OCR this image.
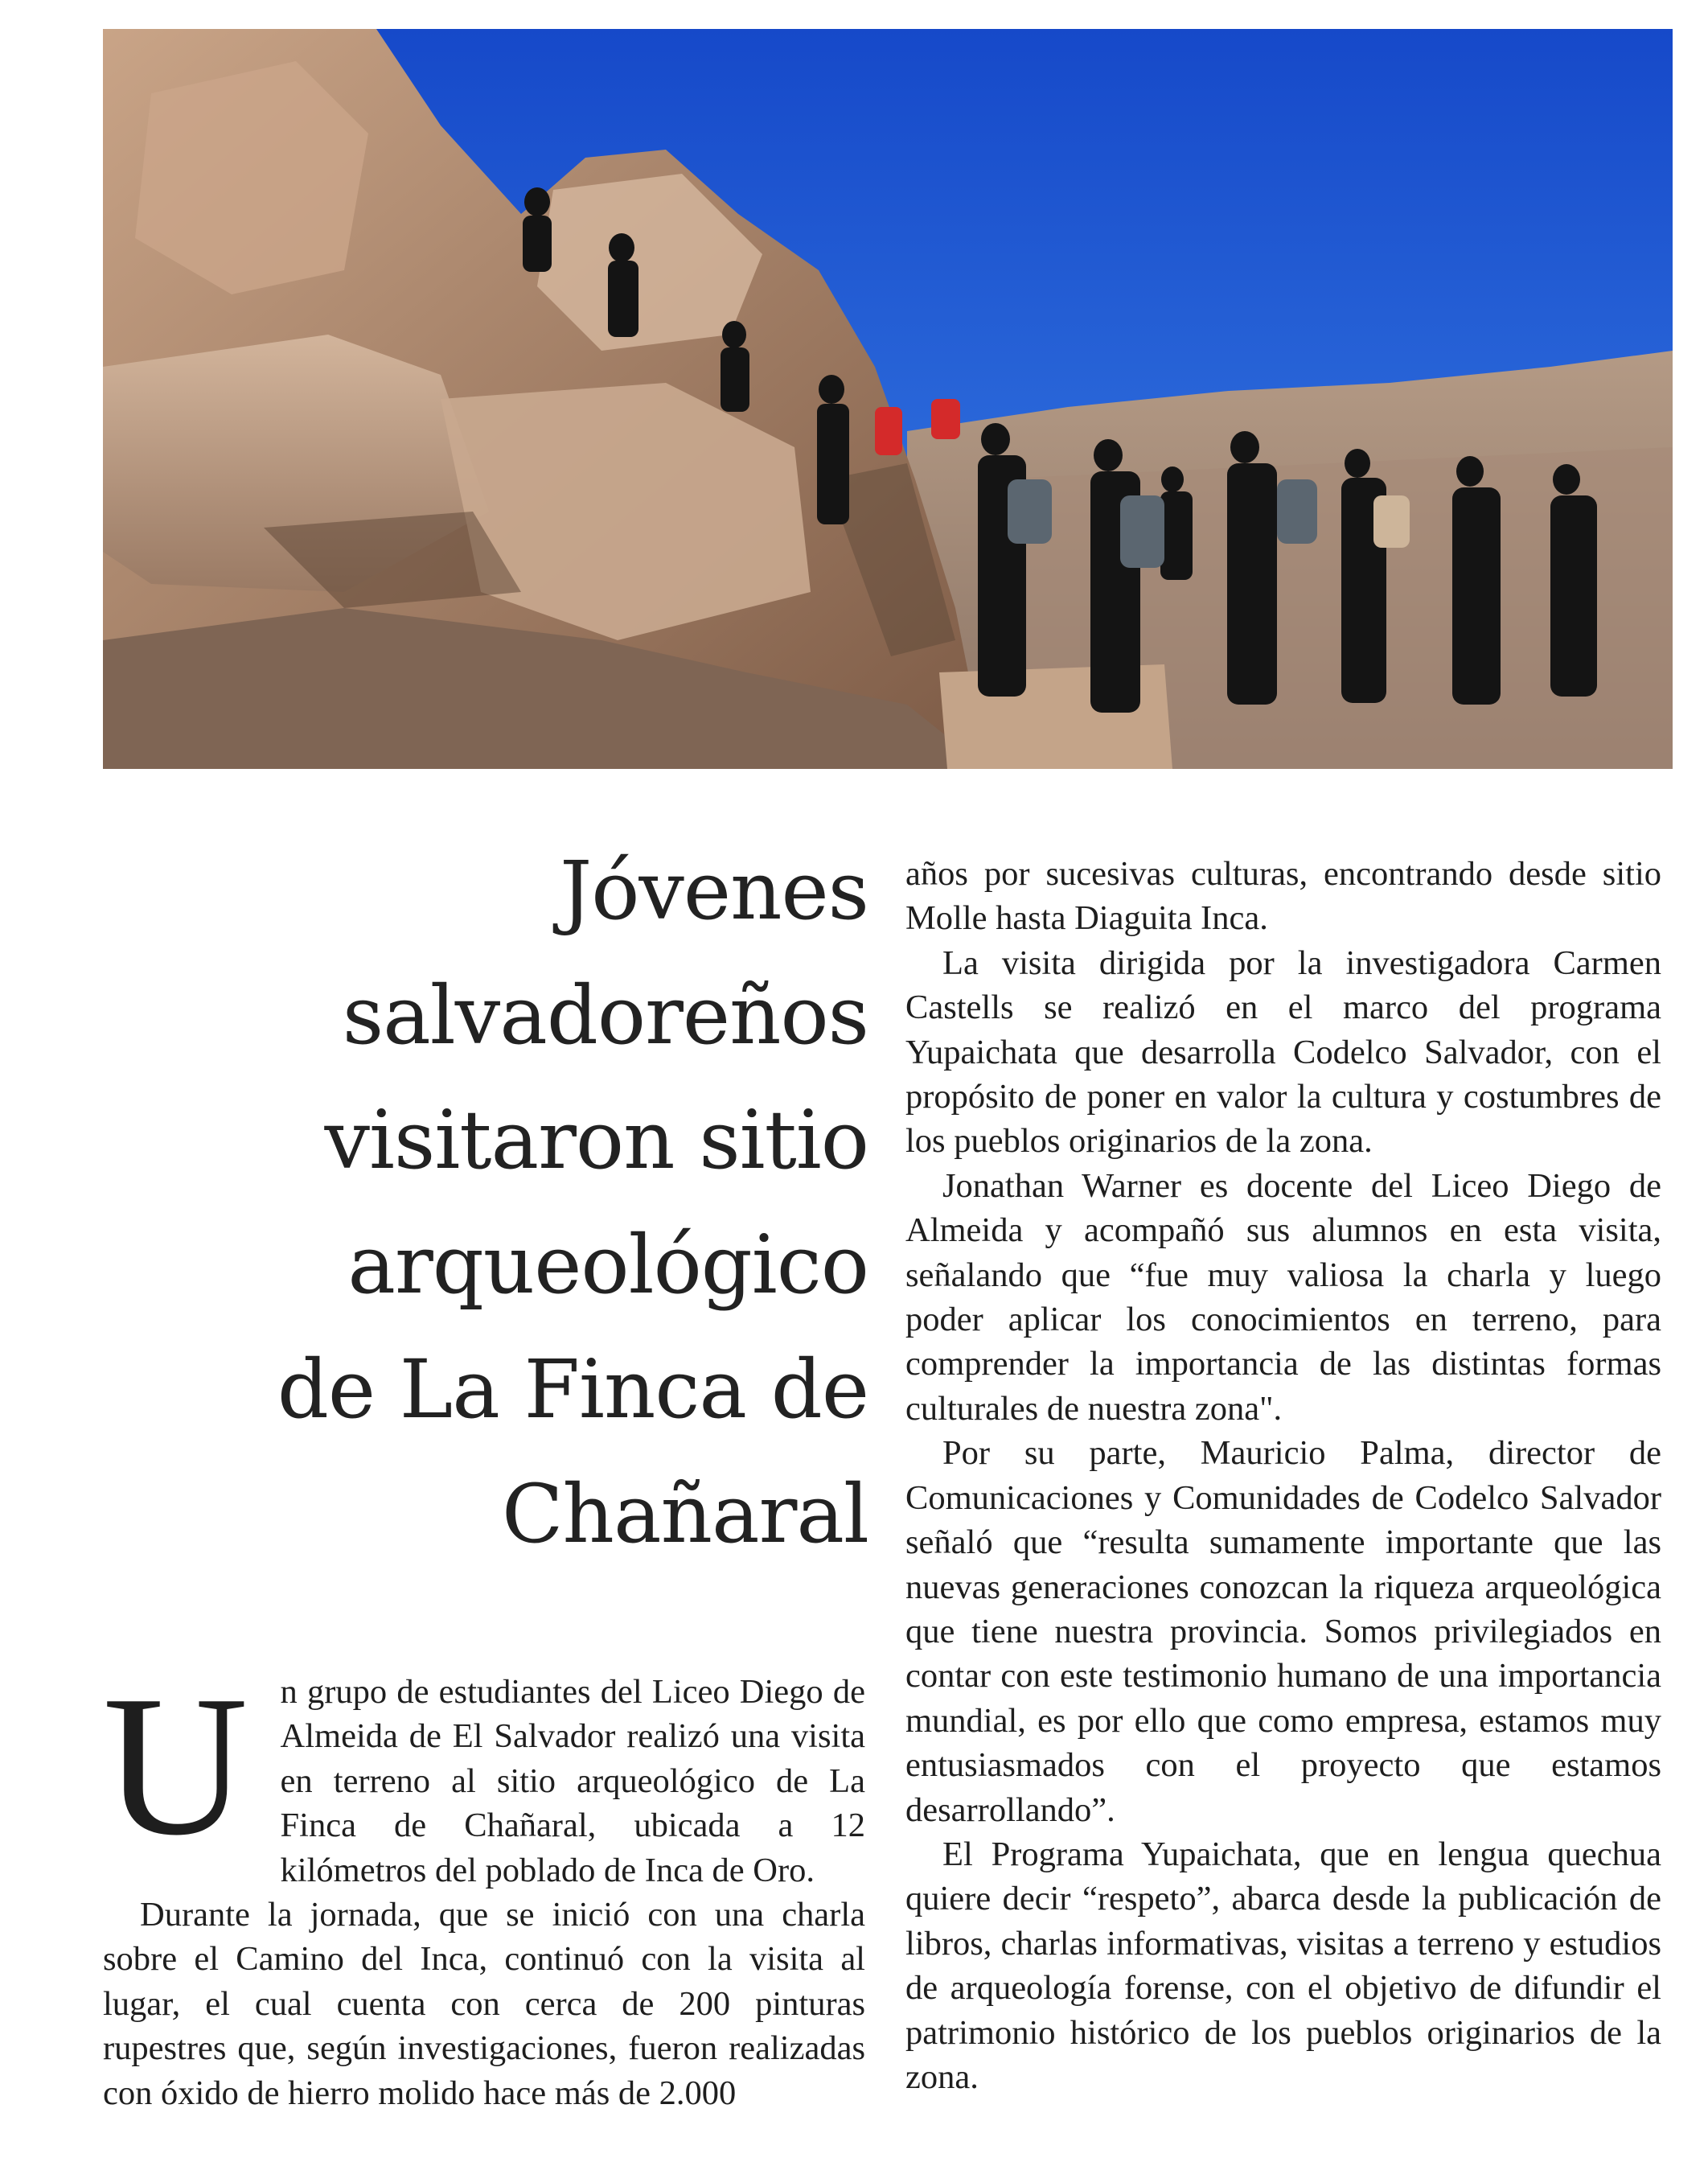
Jóvenes
salvadoreños
visitaron sitio
arqueológico
de La Finca de
Chañaral

Un grupo de estudiantes del Liceo Diego de Almeida de El Salvador realizó una visita en terreno al sitio arqueológico de La Finca de Chañaral, ubicada a 12 kilómetros del poblado de Inca de Oro.

Durante la jornada, que se inició con una charla sobre el Camino del Inca, continuó con la visita al lugar, el cual cuenta con cerca de 200 pinturas rupestres que, según investigaciones, fueron realizadas con óxido de hierro molido hace más de 2.000

años por sucesivas culturas, encontrando desde sitio Molle hasta Diaguita Inca.

La visita dirigida por la investigadora Carmen Castells se realizó en el marco del programa Yupaichata que desarrolla Codelco Salvador, con el propósito de poner en valor la cultura y costumbres de los pueblos originarios de la zona.

Jonathan Warner es docente del Liceo Diego de Almeida y acompañó sus alumnos en esta visita, señalando que “fue muy valiosa la charla y luego poder aplicar los conocimientos en terreno, para comprender la importancia de las distintas formas culturales de nuestra zona".

Por su parte, Mauricio Palma, director de Comunicaciones y Comunidades de Codelco Salvador señaló que “resulta sumamente importante que las nuevas generaciones conozcan la riqueza arqueológica que tiene nuestra provincia. Somos privilegiados en contar con este testimonio humano de una importancia mundial, es por ello que como empresa, estamos muy entusiasmados con el proyecto que estamos desarrollando”.

El Programa Yupaichata, que en lengua quechua quiere decir “respeto”, abarca desde la publicación de libros, charlas informativas, visitas a terreno y estudios de arqueología forense, con el objetivo de difundir el patrimonio histórico de los pueblos originarios de la zona.
